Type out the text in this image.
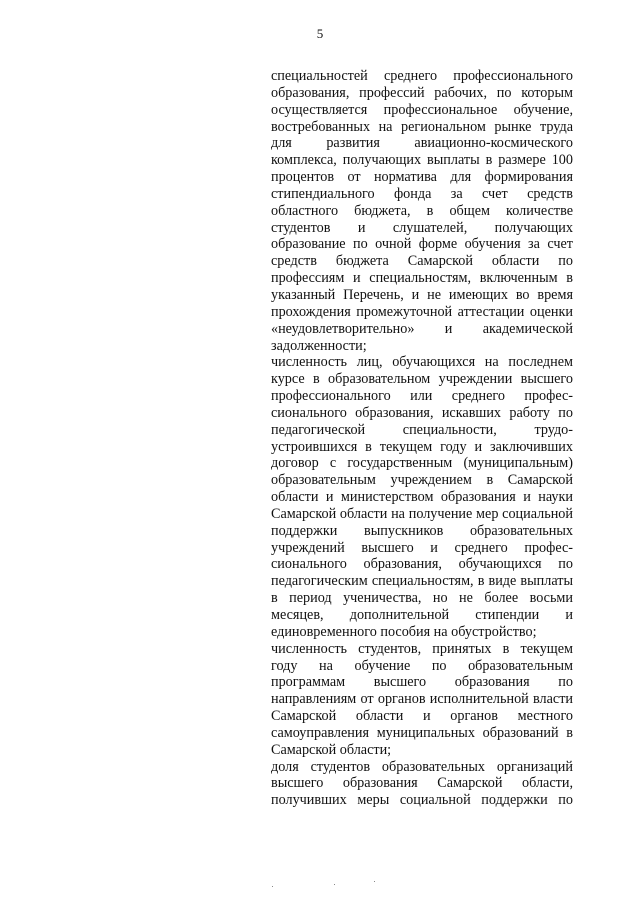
5
специальностей среднего профессионального
образования, профессий рабочих, по которым
осуществляется профессиональное обучение,
востребованных на региональном рынке труда
для развития авиационно-космического
комплекса, получающих выплаты в размере 100
процентов от норматива для формирования
стипендиального фонда за счет средств
областного бюджета, в общем количестве
студентов и слушателей, получающих
образование по очной форме обучения за счет
средств бюджета Самарской области по
профессиям и специальностям, включенным в
указанный Перечень, и не имеющих во время
прохождения промежуточной аттестации оценки
«неудовлетворительно» и академической
задолженности;
численность лиц, обучающихся на последнем
курсе в образовательном учреждении высшего
профессионального или среднего профес-
сионального образования, искавших работу по
педагогической специальности, трудо-
устроившихся в текущем году и заключивших
договор с государственным (муниципальным)
образовательным учреждением в Самарской
области и министерством образования и науки
Самарской области на получение мер социальной
поддержки выпускников образовательных
учреждений высшего и среднего профес-
сионального образования, обучающихся по
педагогическим специальностям, в виде выплаты
в период ученичества, но не более восьми
месяцев, дополнительной стипендии и
единовременного пособия на обустройство;
численность студентов, принятых в текущем
году на обучение по образовательным
программам высшего образования по
направлениям от органов исполнительной власти
Самарской области и органов местного
самоуправления муниципальных образований в
Самарской области;
доля студентов образовательных организаций
высшего образования Самарской области,
получивших меры социальной поддержки по
